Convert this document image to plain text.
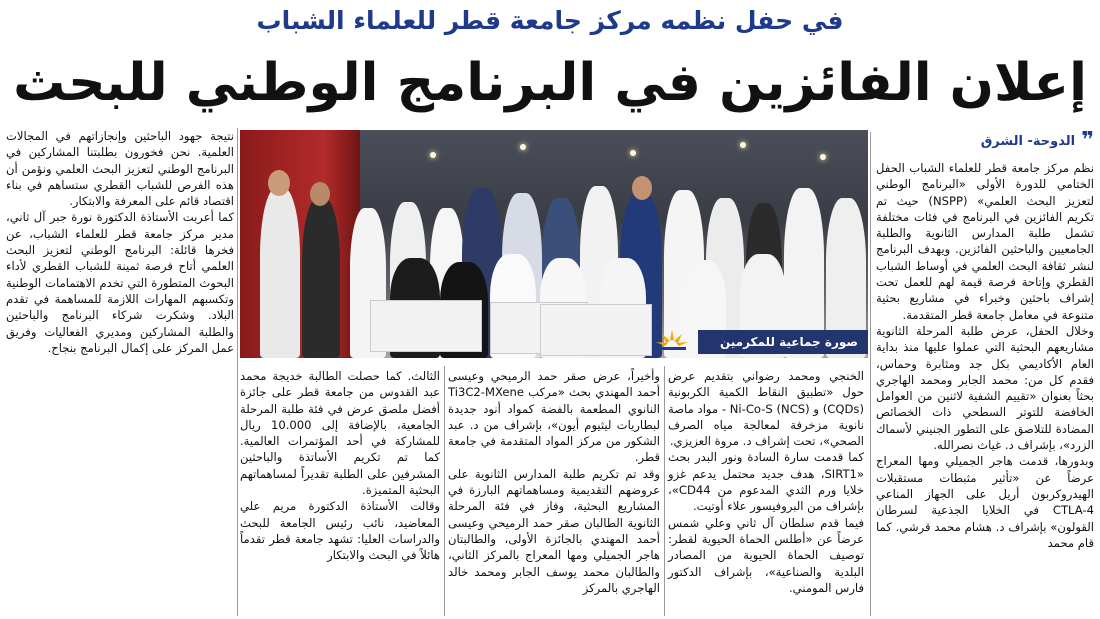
في حفل نظمه مركز جامعة قطر للعلماء الشباب
إعلان الفائزين في البرنامج الوطني للبحث
❞
الدوحة- الشرق

نظم مركز جامعة قطر للعلماء الشباب الحفل الختامي للدورة الأولى «البرنامج الوطني لتعزيز البحث العلمي» (NSPP) حيث تم تكريم الفائزين في البرنامج في فئات مختلفة تشمل طلبة المدارس الثانوية والطلبة الجامعيين والباحثين الفائزين. ويهدف البرنامج لنشر ثقافة البحث العلمي في أوساط الشباب القطري وإتاحة فرصة قيمة لهم للعمل تحت إشراف باحثين وخبراء في مشاريع بحثية متنوعة في معامل جامعة قطر المتقدمة.

وخلال الحفل، عرض طلبة المرحلة الثانوية مشاريعهم البحثية التي عملوا عليها منذ بداية العام الأكاديمي بكل جد ومثابرة وحماس، فقدم كل من: محمد الجابر ومحمد الهاجري بحثاً بعنوان «تقييم الشفية لاثنين من العوامل الخافضة للتوتر السطحي ذات الخصائص المضادة للتلاصق على التطور الجنيني لأسماك الزرد»، بإشراف د. غياث نصرالله.

وبدورها، قدمت هاجر الجميلي ومها المعراج عرضاً عن «تأثير مثبطات مستقبلات الهيدروكربون أريل على الجهاز المناعي CTLA-4 في الخلايا الجذعية لسرطان القولون» بإشراف د. هشام محمد قرشي. كما قام محمد

صورة جماعية للمكرمين

الخنجي ومحمد رضواني بتقديم عرض حول «تطبيق النقاط الكمية الكربونية (CQDs) و (Ni-Co-S (NCS - مواد ماصة نانوية مزخرفة لمعالجة مياه الصرف الصحي»، تحت إشراف د. مروة العزيزي.

كما قدمت سارة السادة ونور البدر بحث «SIRT1، هدف جديد محتمل يدعم غزو خلايا ورم الثدي المدعوم من CD44»، بإشراف من البروفيسور علاء أوتيت.

فيما قدم سلطان آل ثاني وعلي شمس عرضاً عن «أطلس الحماة الحيوية لقطر: توصيف الحماة الحيوية من المصادر البلدية والصناعية»، بإشراف الدكتور فارس المومني.

وأخيراً، عرض صقر حمد الرميحي وعيسى أحمد المهندي بحث «مركب Ti3C2-MXene النانوي المطعمة بالفضة كمواد أنود جديدة لبطاريات ليثيوم أيون»، بإشراف من د. عبد الشكور من مركز المواد المتقدمة في جامعة قطر.

وقد تم تكريم طلبة المدارس الثانوية على عروضهم التقديمية ومساهماتهم البارزة في المشاريع البحثية، وفاز في فئة المرحلة الثانوية الطالبان صقر حمد الرميحي وعيسى أحمد المهندي بالجائزة الأولى، والطالبتان هاجر الجميلي ومها المعراج بالمركز الثاني، والطالبان محمد يوسف الجابر ومحمد خالد الهاجري بالمركز

الثالث. كما حصلت الطالبة خديجة محمد عبد القدوس من جامعة قطر على جائزة أفضل ملصق عرض في فئة طلبة المرحلة الجامعية، بالإضافة إلى 10.000 ريال للمشاركة في أحد المؤتمرات العالمية. كما تم تكريم الأساتذة والباحثين المشرفين على الطلبة تقديراً لمساهماتهم البحثية المتميزة.

وقالت الأستاذة الدكتورة مريم علي المعاضيد، نائب رئيس الجامعة للبحث والدراسات العليا: تشهد جامعة قطر تقدماً هائلاً في البحث والابتكار

نتيجة جهود الباحثين وإنجازاتهم في المجالات العلمية. نحن فخورون بطلبتنا المشاركين في البرنامج الوطني لتعزيز البحث العلمي ونؤمن أن هذه الفرص للشباب القطري ستساهم في بناء اقتصاد قائم على المعرفة والابتكار.

كما أعربت الأستاذة الدكتورة نورة جبر آل ثاني، مدير مركز جامعة قطر للعلماء الشباب، عن فخرها قائلة: البرنامج الوطني لتعزيز البحث العلمي أتاح فرصة ثمينة للشباب القطري لأداء البحوث المتطورة التي تخدم الاهتمامات الوطنية وتكسبهم المهارات اللازمة للمساهمة في تقدم البلاد. وشكرت شركاء البرنامج والباحثين والطلبة المشاركين ومديري الفعاليات وفريق عمل المركز على إكمال البرنامج بنجاح.
